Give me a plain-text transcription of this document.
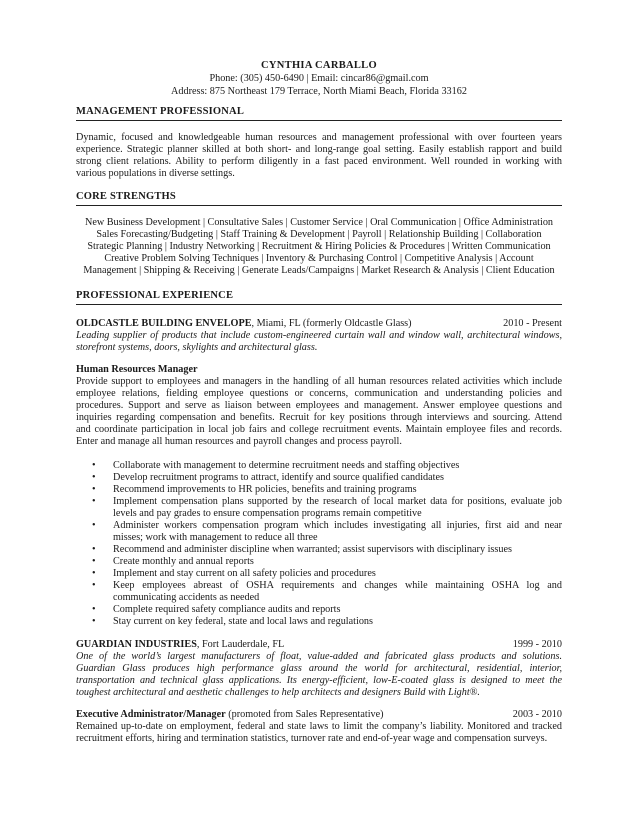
CYNTHIA CARBALLO
Phone: (305) 450-6490 | Email: cincar86@gmail.com
Address: 875 Northeast 179 Terrace, North Miami Beach, Florida 33162
MANAGEMENT PROFESSIONAL
Dynamic, focused and knowledgeable human resources and management professional with over fourteen years
experience. Strategic planner skilled at both short- and long-range goal setting. Easily establish rapport and build
strong client relations. Ability to perform diligently in a fast paced environment. Well rounded in working with
various populations in diverse settings.
CORE STRENGTHS
New Business Development | Consultative Sales | Customer Service | Oral Communication | Office Administration
Sales Forecasting/Budgeting | Staff Training & Development | Payroll | Relationship Building | Collaboration
Strategic Planning | Industry Networking | Recruitment & Hiring Policies & Procedures | Written Communication
Creative Problem Solving Techniques | Inventory & Purchasing Control | Competitive Analysis | Account
Management | Shipping & Receiving | Generate Leads/Campaigns | Market Research & Analysis | Client Education
PROFESSIONAL EXPERIENCE
OLDCASTLE BUILDING ENVELOPE, Miami, FL (formerly Oldcastle Glass)	2010 - Present
Leading supplier of products that include custom-engineered curtain wall and window wall, architectural windows,
storefront systems, doors, skylights and architectural glass.
Human Resources Manager
Provide support to employees and managers in the handling of all human resources related activities which include
employee relations, fielding employee questions or concerns, communication and understanding policies and
procedures. Support and serve as liaison between employees and management. Answer employee questions and
inquiries regarding compensation and benefits. Recruit for key positions through interviews and sourcing. Attend
and coordinate participation in local job fairs and college recruitment events. Maintain employee files and records.
Enter and manage all human resources and payroll changes and process payroll.
• Collaborate with management to determine recruitment needs and staffing objectives
• Develop recruitment programs to attract, identify and source qualified candidates
• Recommend improvements to HR policies, benefits and training programs
• Implement compensation plans supported by the research of local market data for positions, evaluate job
levels and pay grades to ensure compensation programs remain competitive
• Administer workers compensation program which includes investigating all injuries, first aid and near
misses; work with management to reduce all three
• Recommend and administer discipline when warranted; assist supervisors with disciplinary issues
• Create monthly and annual reports
• Implement and stay current on all safety policies and procedures
• Keep employees abreast of OSHA requirements and changes while maintaining OSHA log and
communicating accidents as needed
• Complete required safety compliance audits and reports
• Stay current on key federal, state and local laws and regulations
GUARDIAN INDUSTRIES, Fort Lauderdale, FL	1999 - 2010
One of the world’s largest manufacturers of float, value-added and fabricated glass products and solutions.
Guardian Glass produces high performance glass around the world for architectural, residential, interior,
transportation and technical glass applications. Its energy-efficient, low-E-coated glass is designed to meet the
toughest architectural and aesthetic challenges to help architects and designers Build with Light®.
Executive Administrator/Manager (promoted from Sales Representative)	2003 - 2010
Remained up-to-date on employment, federal and state laws to limit the company’s liability. Monitored and tracked
recruitment efforts, hiring and termination statistics, turnover rate and end-of-year wage and compensation surveys.
